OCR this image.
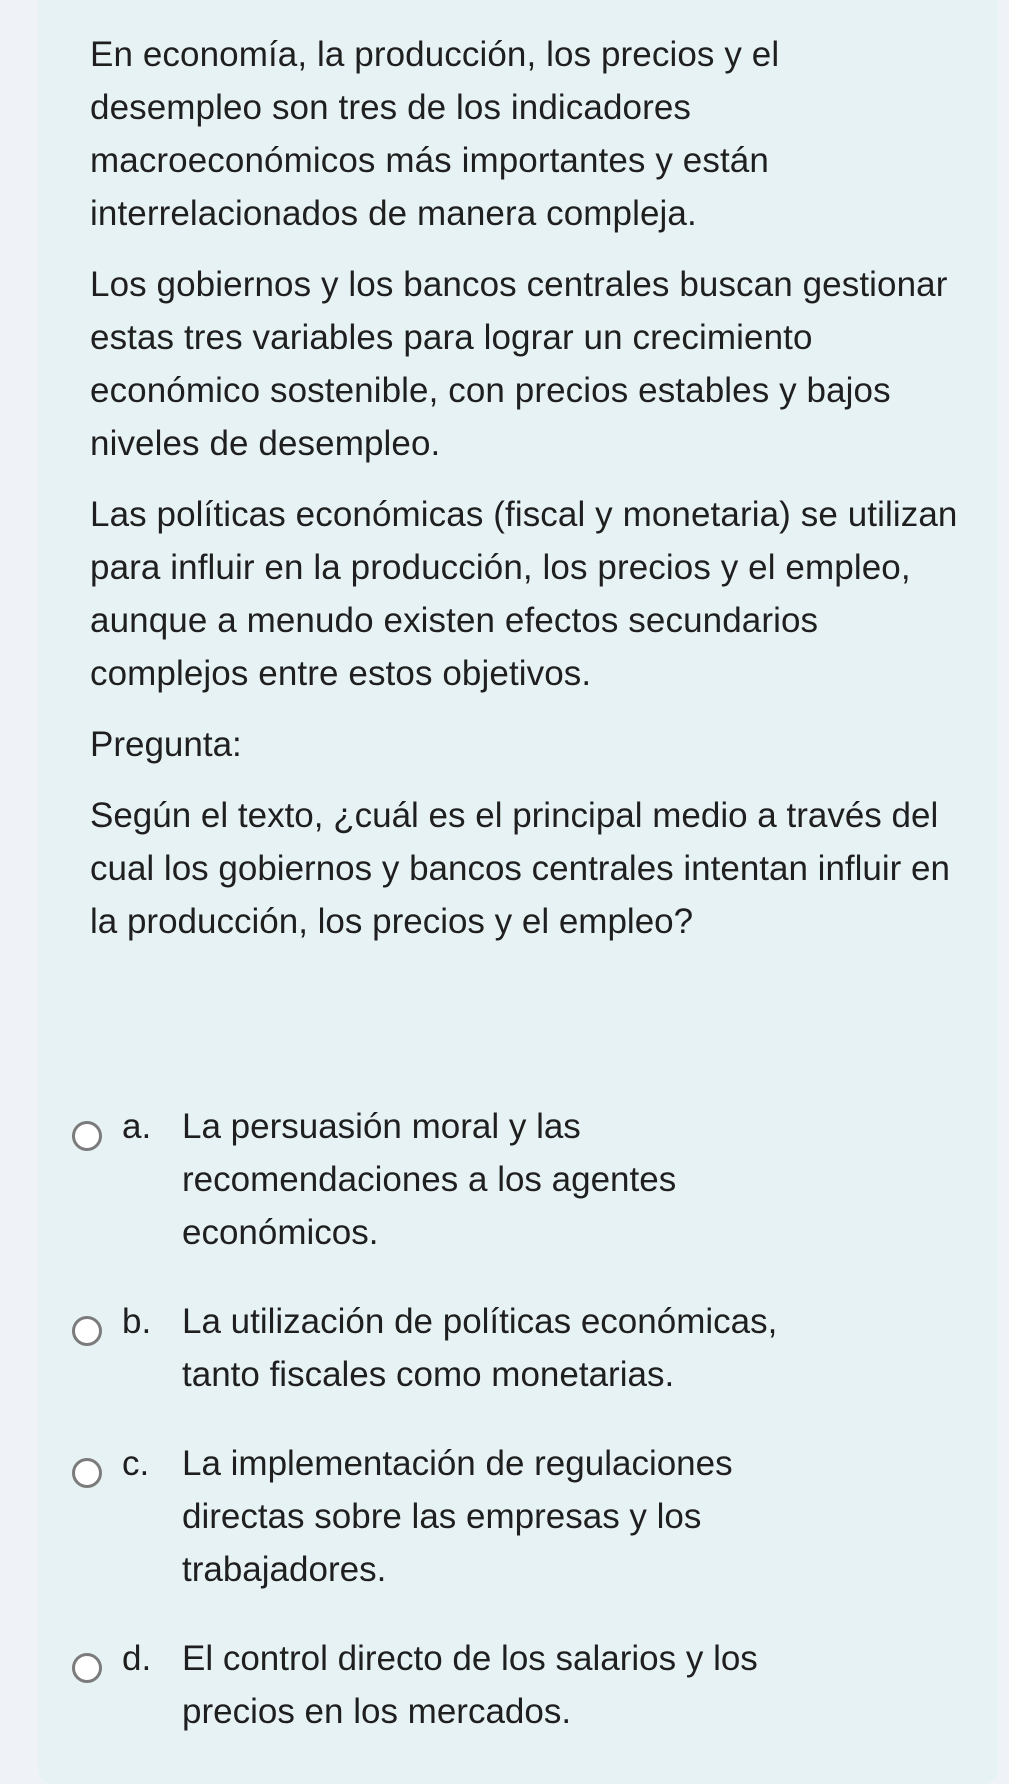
En economía, la producción, los precios y el desempleo son tres de los indicadores macroeconómicos más importantes y están interrelacionados de manera compleja.

Los gobiernos y los bancos centrales buscan gestionar estas tres variables para lograr un crecimiento económico sostenible, con precios estables y bajos niveles de desempleo.

Las políticas económicas (fiscal y monetaria) se utilizan para influir en la producción, los precios y el empleo, aunque a menudo existen efectos secundarios complejos entre estos objetivos.

Pregunta:

Según el texto, ¿cuál es el principal medio a través del cual los gobiernos y bancos centrales intentan influir en la producción, los precios y el empleo?

a. La persuasión moral y las recomendaciones a los agentes económicos.
b. La utilización de políticas económicas, tanto fiscales como monetarias.
c. La implementación de regulaciones directas sobre las empresas y los trabajadores.
d. El control directo de los salarios y los precios en los mercados.
